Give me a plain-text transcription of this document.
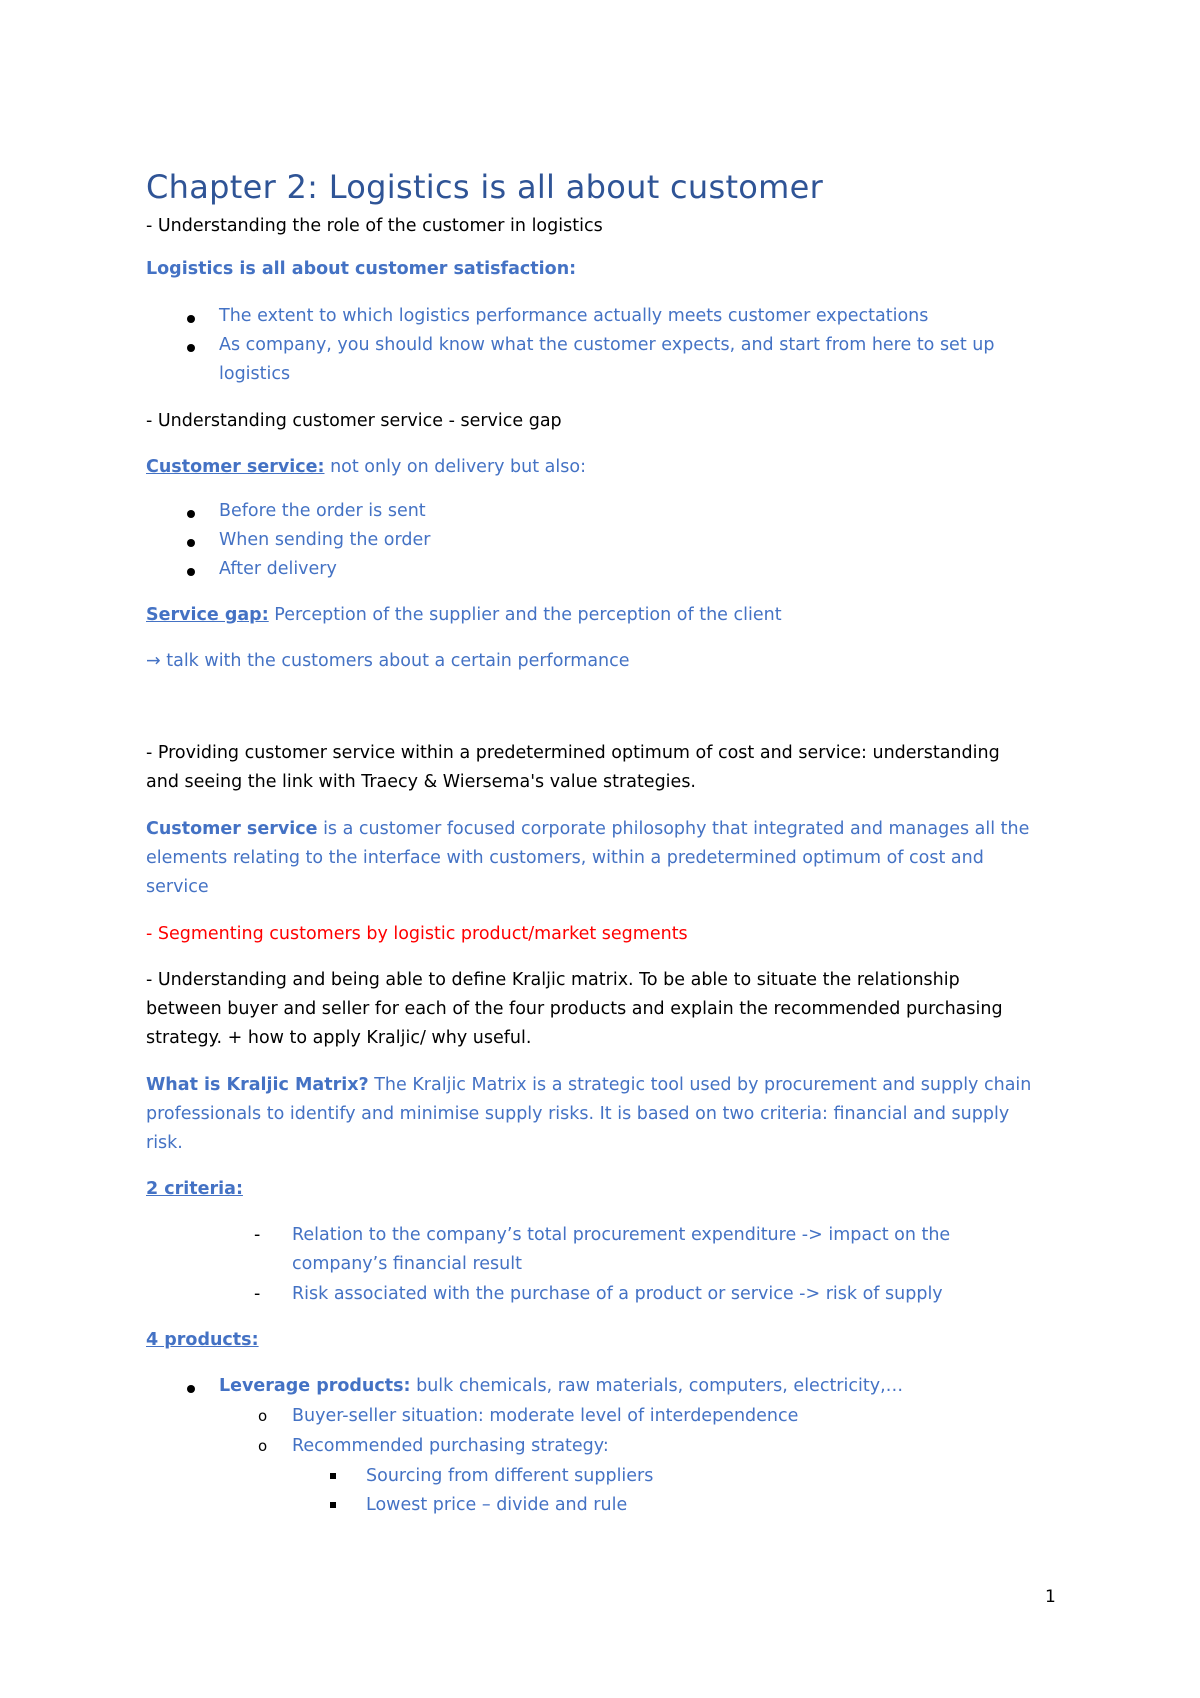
Chapter 2: Logistics is all about customer
- Understanding the role of the customer in logistics
Logistics is all about customer satisfaction:
The extent to which logistics performance actually meets customer expectations
As company, you should know what the customer expects, and start from here to set up
logistics
- Understanding customer service - service gap
Customer service: not only on delivery but also:
Before the order is sent
When sending the order
After delivery
Service gap: Perception of the supplier and the perception of the client
→ talk with the customers about a certain performance
- Providing customer service within a predetermined optimum of cost and service: understanding
and seeing the link with Traecy & Wiersema's value strategies.
Customer service is a customer focused corporate philosophy that integrated and manages all the
elements relating to the interface with customers, within a predetermined optimum of cost and
service
- Segmenting customers by logistic product/market segments
- Understanding and being able to define Kraljic matrix. To be able to situate the relationship
between buyer and seller for each of the four products and explain the recommended purchasing
strategy. + how to apply Kraljic/ why useful.
What is Kraljic Matrix? The Kraljic Matrix is a strategic tool used by procurement and supply chain
professionals to identify and minimise supply risks. It is based on two criteria: financial and supply
risk.
2 criteria:
- Relation to the company’s total procurement expenditure -> impact on the
company’s financial result
- Risk associated with the purchase of a product or service -> risk of supply
4 products:
Leverage products: bulk chemicals, raw materials, computers, electricity,…
o Buyer-seller situation: moderate level of interdependence
o Recommended purchasing strategy:
Sourcing from different suppliers
Lowest price – divide and rule
1
